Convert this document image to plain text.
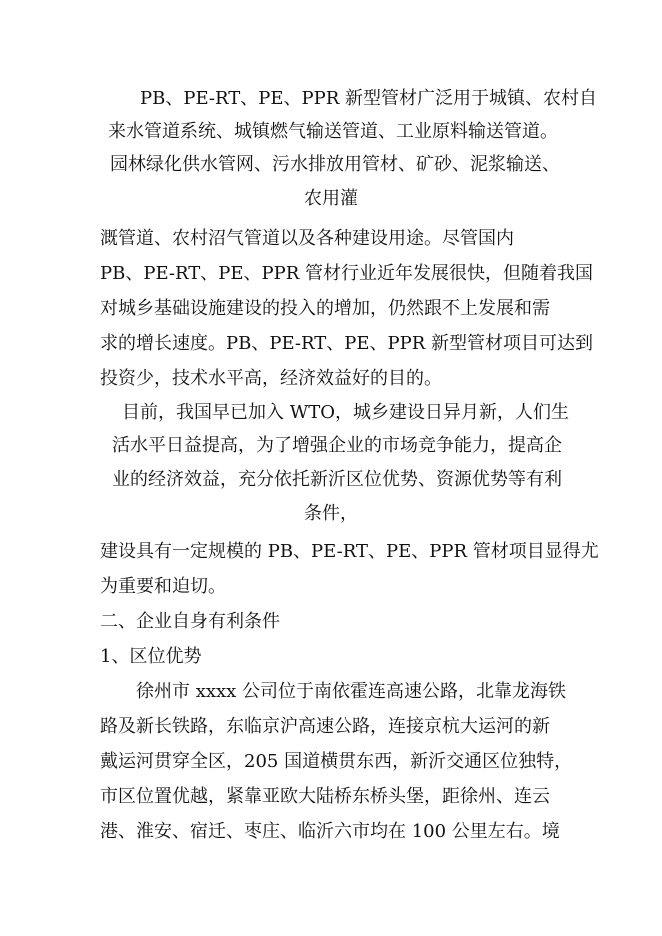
PB、PE-RT、PE、PPR 新型管材广泛用于城镇、农村自
来水管道系统、城镇燃气输送管道、工业原料输送管道。
园林绿化供水管网、污水排放用管材、矿砂、泥浆输送、
农用灌
溉管道、农村沼气管道以及各种建设用途。尽管国内
PB、PE-RT、PE、PPR 管材行业近年发展很快，但随着我国
对城乡基础设施建设的投入的增加，仍然跟不上发展和需
求的增长速度。PB、PE-RT、PE、PPR 新型管材项目可达到
投资少，技术水平高，经济效益好的目的。
目前，我国早已加入 WTO，城乡建设日异月新，人们生
活水平日益提高，为了增强企业的市场竞争能力，提高企
业的经济效益，充分依托新沂区位优势、资源优势等有利
条件，
建设具有一定规模的 PB、PE-RT、PE、PPR 管材项目显得尤
为重要和迫切。
二、企业自身有利条件
1、区位优势
徐州市 xxxx 公司位于南依霍连高速公路，北靠龙海铁
路及新长铁路，东临京沪高速公路，连接京杭大运河的新
戴运河贯穿全区，205 国道横贯东西，新沂交通区位独特，
市区位置优越，紧靠亚欧大陆桥东桥头堡，距徐州、连云
港、淮安、宿迁、枣庄、临沂六市均在 100 公里左右。境
